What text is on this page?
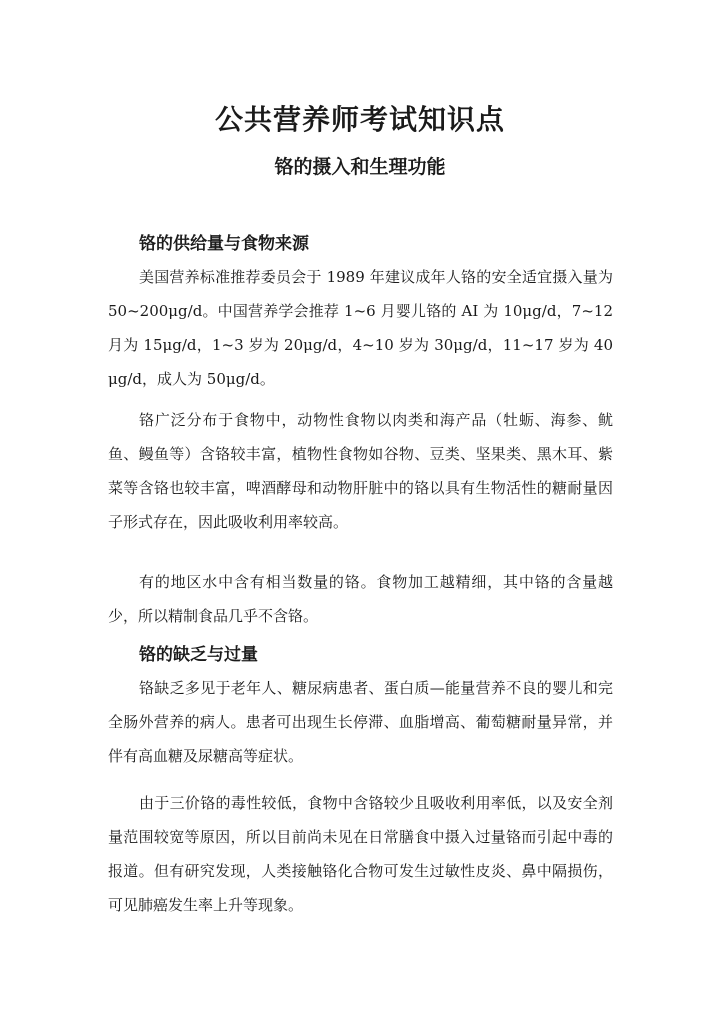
公共营养师考试知识点
铬的摄入和生理功能
铬的供给量与食物来源

美国营养标准推荐委员会于 1989 年建议成年人铬的安全适宜摄入量为50~200μg/d。中国营养学会推荐 1~6 月婴儿铬的 AI 为 10μg/d，7~12 月为 15μg/d，1~3 岁为 20μg/d，4~10 岁为 30μg/d，11~17 岁为 40μg/d，成人为 50μg/d。

铬广泛分布于食物中，动物性食物以肉类和海产品（牡蛎、海参、鱿鱼、鳗鱼等）含铬较丰富，植物性食物如谷物、豆类、坚果类、黑木耳、紫菜等含铬也较丰富，啤酒酵母和动物肝脏中的铬以具有生物活性的糖耐量因子形式存在，因此吸收利用率较高。

有的地区水中含有相当数量的铬。食物加工越精细，其中铬的含量越少，所以精制食品几乎不含铬。

铬的缺乏与过量

铬缺乏多见于老年人、糖尿病患者、蛋白质—能量营养不良的婴儿和完全肠外营养的病人。患者可出现生长停滞、血脂增高、葡萄糖耐量异常，并伴有高血糖及尿糖高等症状。

由于三价铬的毒性较低，食物中含铬较少且吸收利用率低，以及安全剂量范围较宽等原因，所以目前尚未见在日常膳食中摄入过量铬而引起中毒的报道。但有研究发现，人类接触铬化合物可发生过敏性皮炎、鼻中隔损伤，可见肺癌发生率上升等现象。
